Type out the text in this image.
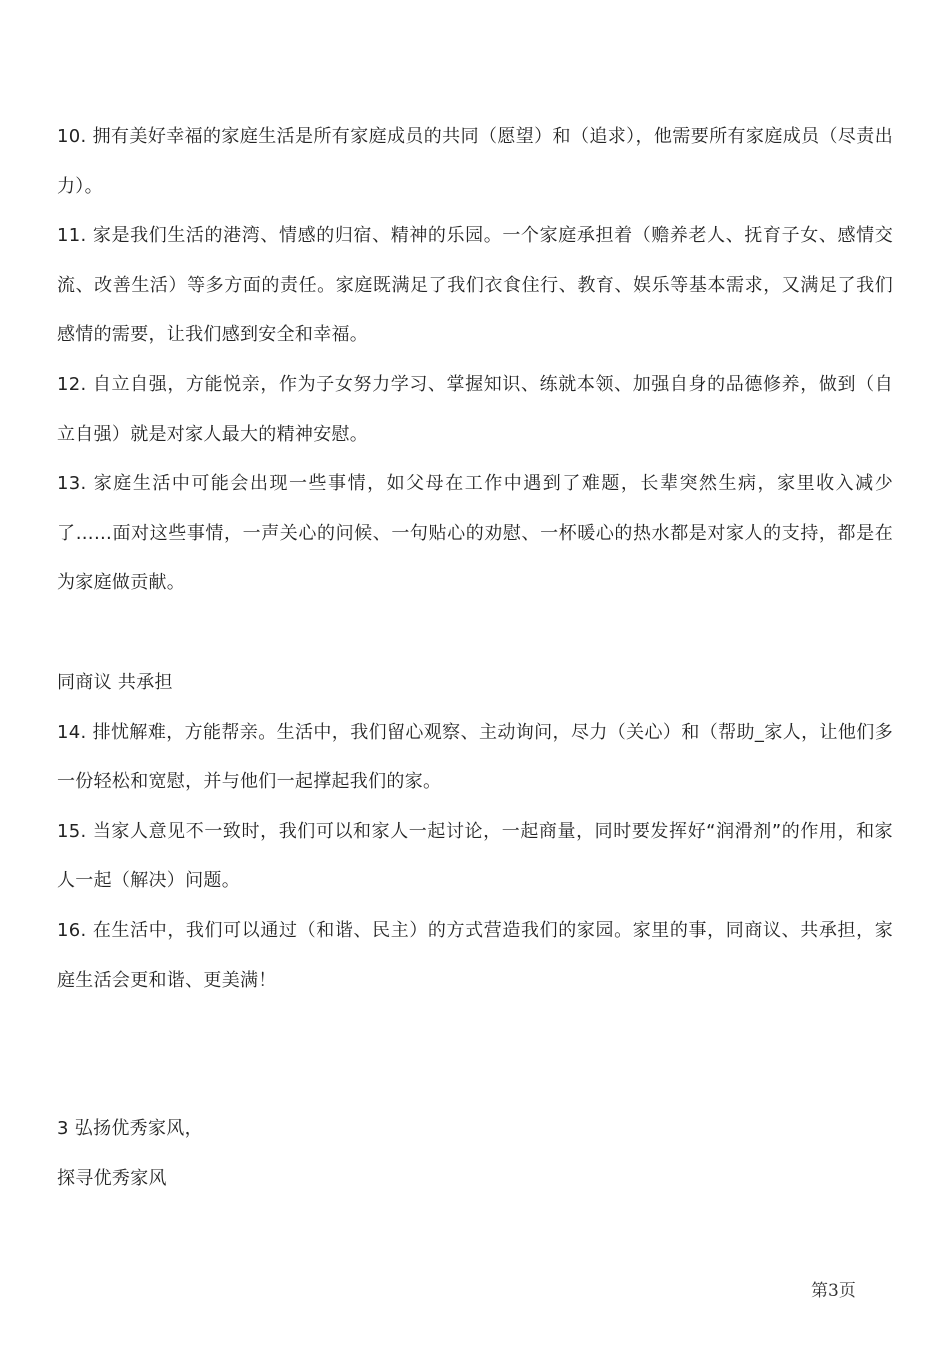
10. 拥有美好幸福的家庭生活是所有家庭成员的共同（愿望）和（追求），他需要所有家庭成员（尽责出力）。

11. 家是我们生活的港湾、情感的归宿、精神的乐园。一个家庭承担着（赡养老人、抚育子女、感情交流、改善生活）等多方面的责任。家庭既满足了我们衣食住行、教育、娱乐等基本需求，又满足了我们感情的需要，让我们感到安全和幸福。

12. 自立自强，方能悦亲，作为子女努力学习、掌握知识、练就本领、加强自身的品德修养，做到（自立自强）就是对家人最大的精神安慰。

13. 家庭生活中可能会出现一些事情，如父母在工作中遇到了难题，长辈突然生病，家里收入减少了……面对这些事情，一声关心的问候、一句贴心的劝慰、一杯暖心的热水都是对家人的支持，都是在为家庭做贡献。

同商议 共承担

14. 排忧解难，方能帮亲。生活中，我们留心观察、主动询问，尽力（关心）和（帮助_家人，让他们多一份轻松和宽慰，并与他们一起撑起我们的家。

15. 当家人意见不一致时，我们可以和家人一起讨论，一起商量，同时要发挥好“润滑剂”的作用，和家人一起（解决）问题。

16. 在生活中，我们可以通过（和谐、民主）的方式营造我们的家园。家里的事，同商议、共承担，家庭生活会更和谐、更美满！

3 弘扬优秀家风，

探寻优秀家风

第3页
